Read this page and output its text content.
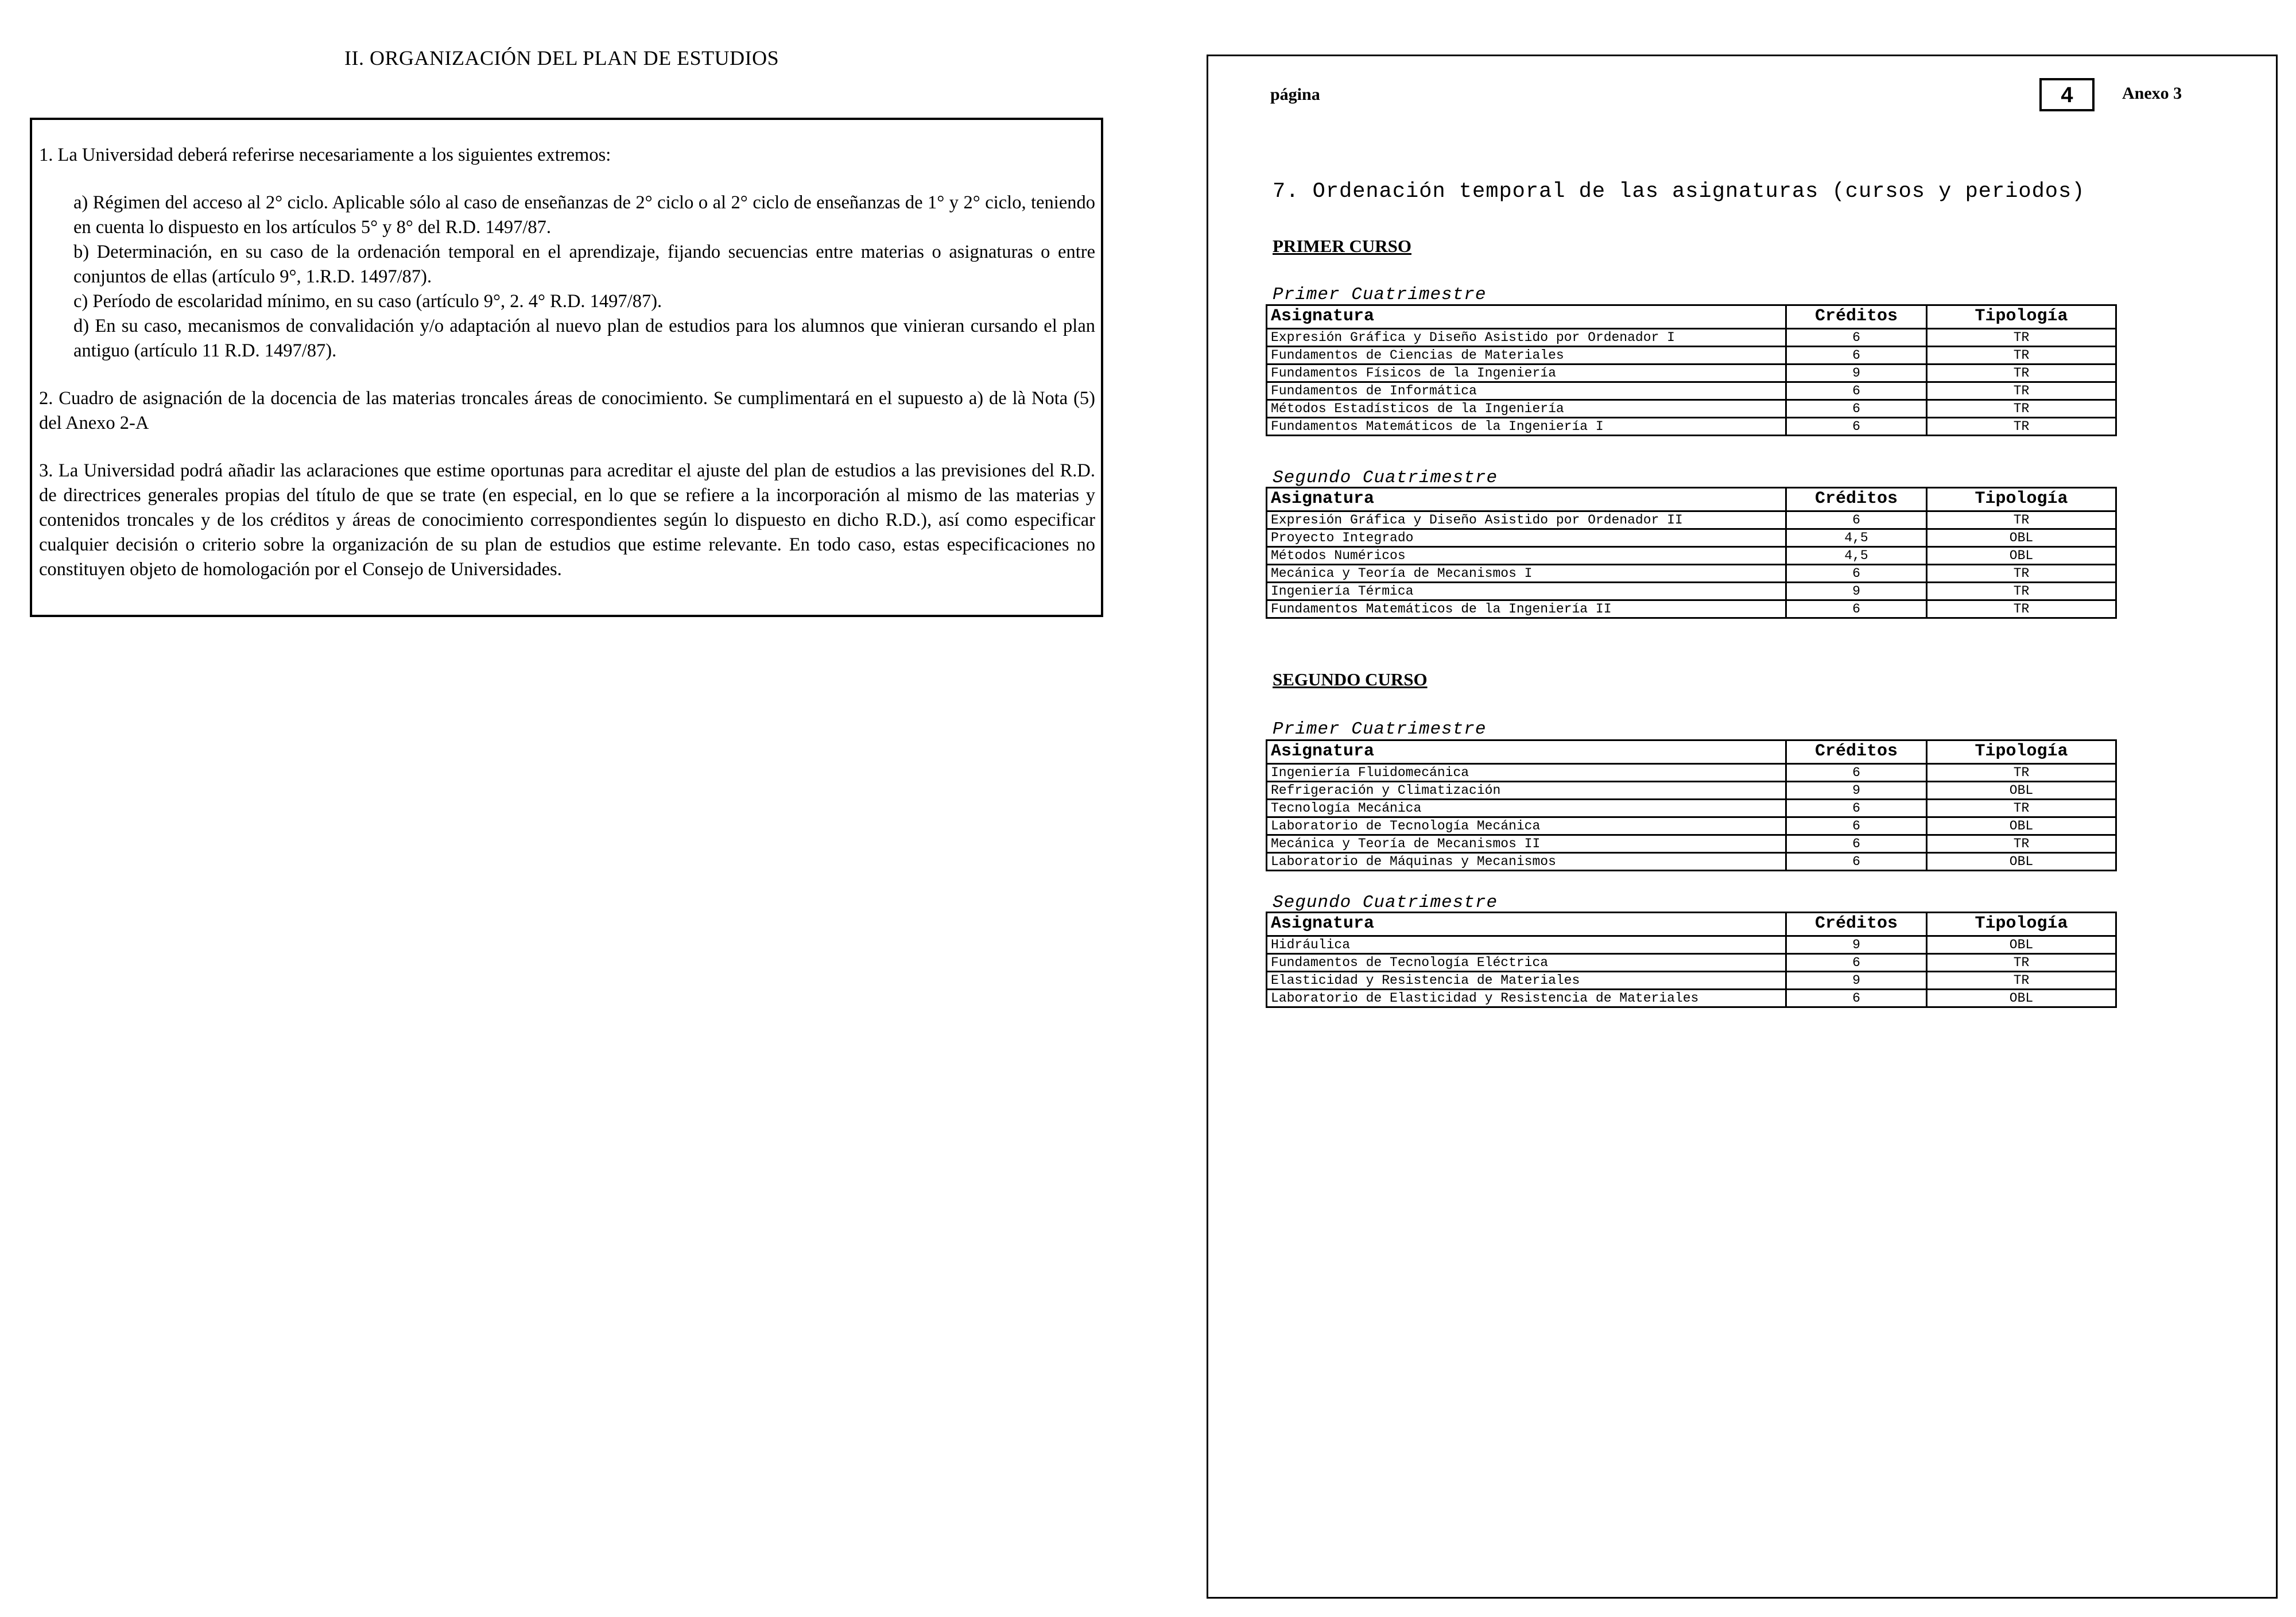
II. ORGANIZACIÓN DEL PLAN DE ESTUDIOS

1. La Universidad deberá referirse necesariamente a los siguientes extremos:

a) Régimen del acceso al 2° ciclo. Aplicable sólo al caso de enseñanzas de 2° ciclo o al 2° ciclo de enseñanzas de 1° y 2° ciclo, teniendo en cuenta lo dispuesto en los artículos 5° y 8° del R.D. 1497/87.

b) Determinación, en su caso de la ordenación temporal en el aprendizaje, fijando secuencias entre materias o asignaturas o entre conjuntos de ellas (artículo 9°, 1.R.D. 1497/87).

c) Período de escolaridad mínimo, en su caso (artículo 9°, 2. 4° R.D. 1497/87).

d) En su caso, mecanismos de convalidación y/o adaptación al nuevo plan de estudios para los alumnos que vinieran cursando el plan antiguo (artículo 11 R.D. 1497/87).

2. Cuadro de asignación de la docencia de las materias troncales áreas de conocimiento. Se cumplimentará en el supuesto a) de là Nota (5) del Anexo 2-A

3. La Universidad podrá añadir las aclaraciones que estime oportunas para acreditar el ajuste del plan de estudios a las previsiones del R.D. de directrices generales propias del título de que se trate (en especial, en lo que se refiere a la incorporación al mismo de las materias y contenidos troncales y de los créditos y áreas de conocimiento correspondientes según lo dispuesto en dicho R.D.), así como especificar cualquier decisión o criterio sobre la organización de su plan de estudios que estime relevante. En todo caso, estas especificaciones no constituyen objeto de homologación por el Consejo de Universidades.

página	4	Anexo 3
7. Ordenación temporal de las asignaturas (cursos y periodos)
PRIMER CURSO
Primer Cuatrimestre
Asignatura	Créditos	Tipología
Expresión Gráfica y Diseño Asistido por Ordenador I	6	TR
Fundamentos de Ciencias de Materiales	6	TR
Fundamentos Físicos de la Ingeniería	9	TR
Fundamentos de Informática	6	TR
Métodos Estadísticos de la Ingeniería	6	TR
Fundamentos Matemáticos de la Ingeniería I	6	TR
Segundo Cuatrimestre
Asignatura	Créditos	Tipología
Expresión Gráfica y Diseño Asistido por Ordenador II	6	TR
Proyecto Integrado	4,5	OBL
Métodos Numéricos	4,5	OBL
Mecánica y Teoría de Mecanismos I	6	TR
Ingeniería Térmica	9	TR
Fundamentos Matemáticos de la Ingeniería II	6	TR
SEGUNDO CURSO
Primer Cuatrimestre
Asignatura	Créditos	Tipología
Ingeniería Fluidomecánica	6	TR
Refrigeración y Climatización	9	OBL
Tecnología Mecánica	6	TR
Laboratorio de Tecnología Mecánica	6	OBL
Mecánica y Teoría de Mecanismos II	6	TR
Laboratorio de Máquinas y Mecanismos	6	OBL
Segundo Cuatrimestre
Asignatura	Créditos	Tipología
Hidráulica	9	OBL
Fundamentos de Tecnología Eléctrica	6	TR
Elasticidad y Resistencia de Materiales	9	TR
Laboratorio de Elasticidad y Resistencia de Materiales	6	OBL
